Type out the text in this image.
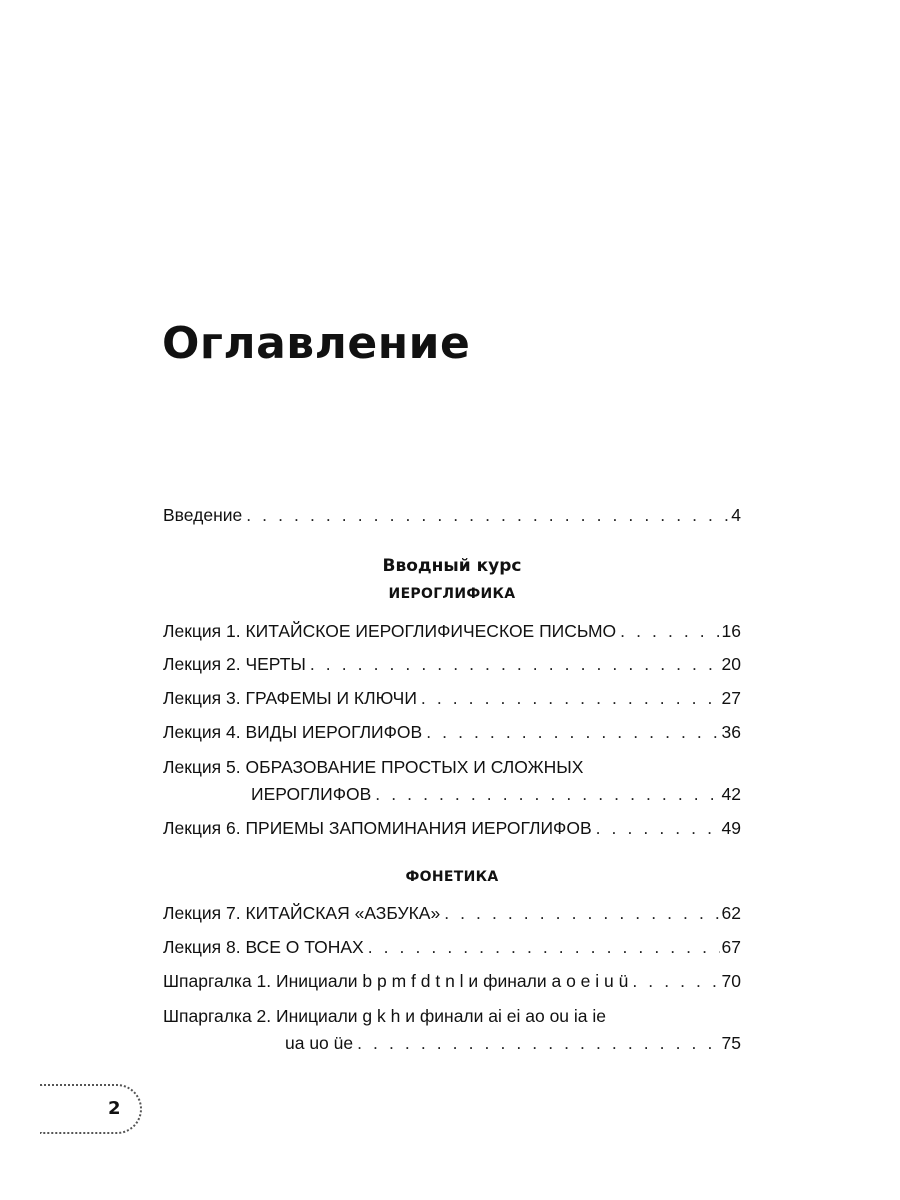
Оглавление
Введение . . .	4
Вводный курс
ИЕРОГЛИФИКА
Лекция 1. КИТАЙСКОЕ ИЕРОГЛИФИЧЕСКОЕ ПИСЬМО . . .	16
Лекция 2. ЧЕРТЫ . . .	20
Лекция 3. ГРАФЕМЫ И КЛЮЧИ . . .	27
Лекция 4. ВИДЫ ИЕРОГЛИФОВ . . .	36
Лекция 5. ОБРАЗОВАНИЕ ПРОСТЫХ И СЛОЖНЫХ
ИЕРОГЛИФОВ . . .	42
Лекция 6. ПРИЕМЫ ЗАПОМИНАНИЯ ИЕРОГЛИФОВ . . .	49
ФОНЕТИКА
Лекция 7. КИТАЙСКАЯ «АЗБУКА» . . .	62
Лекция 8. ВСЕ О ТОНАХ . . .	67
Шпаргалка 1. Инициали b p m f d t n l и финали a o e i u ü . . .	70
Шпаргалка 2. Инициали g k h и финали ai ei ao ou ia ie
ua uo üe . . .	75
2
